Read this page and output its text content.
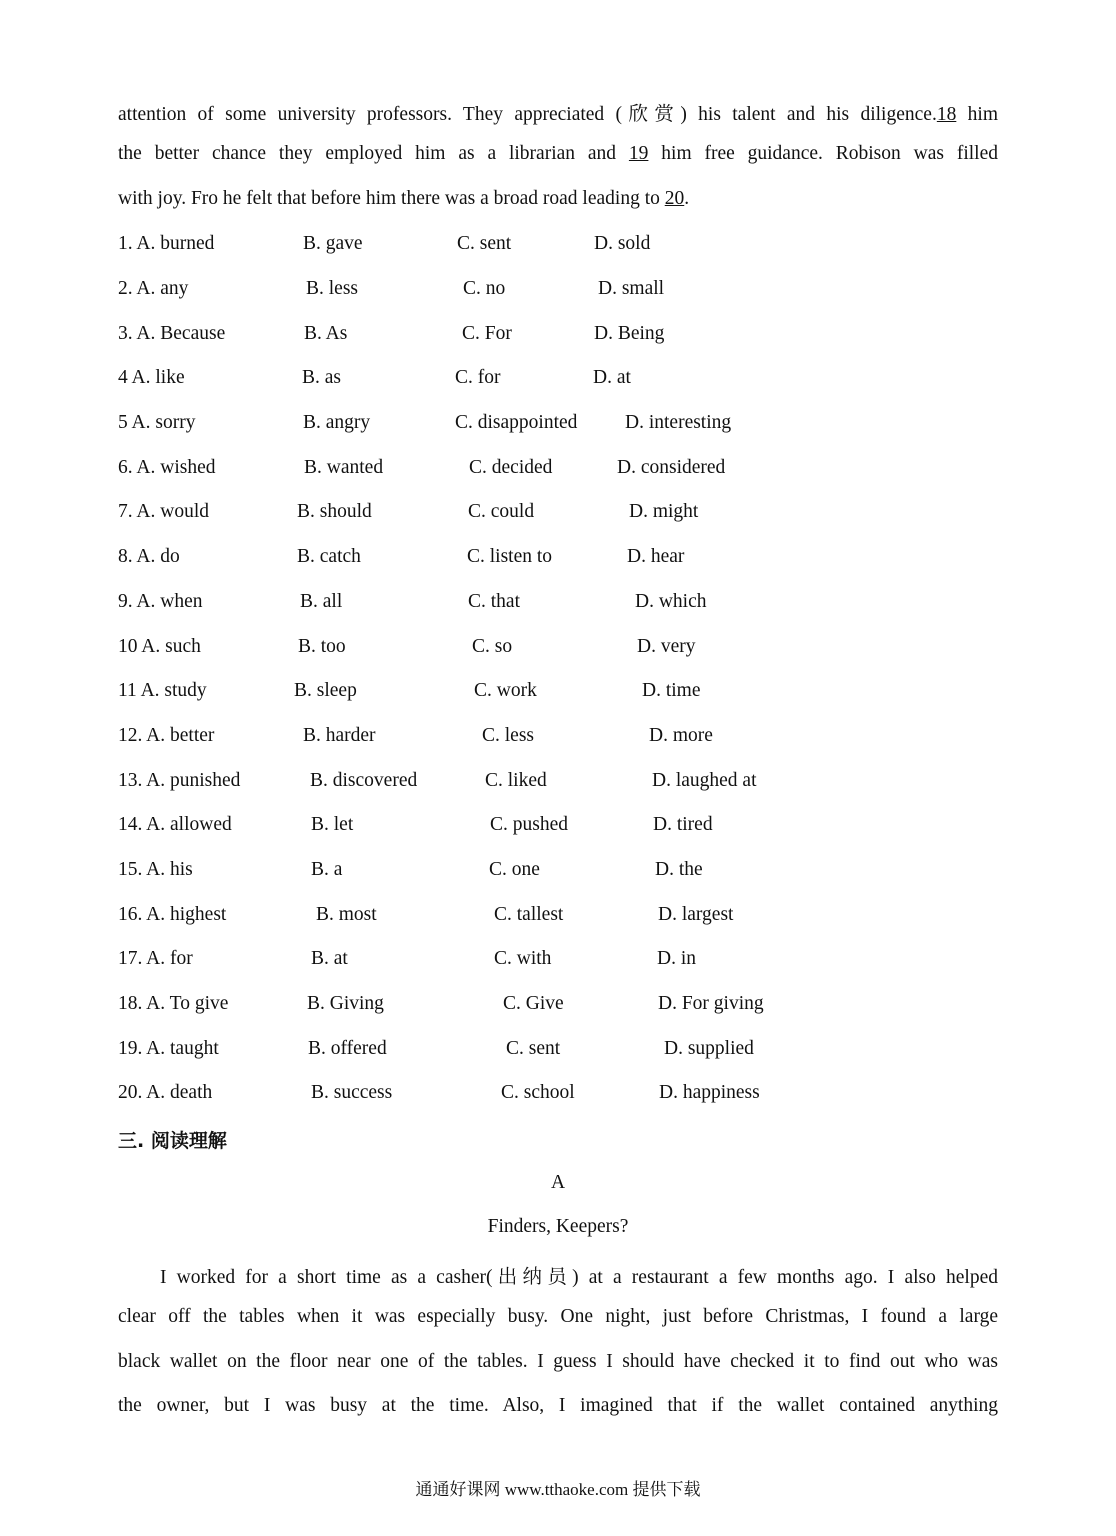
attention of some university professors. They appreciated (欣赏) his talent and his diligence.18 him
the better chance they employed him as a librarian and 19 him free guidance. Robison was filled
with joy. Fro he felt that before him there was a broad road leading to 20.
1. A. burned	B. gave	C. sent	D. sold
2. A. any	B. less	C. no	D. small
3. A. Because	B. As	C. For	D. Being
4 A. like	B. as	C. for	D. at
5 A. sorry	B. angry	C. disappointed D. interesting
6. A. wished	B. wanted	C. decided	D. considered
7. A. would	B. should	C. could	D. might
8. A. do	B. catch	C. listen to	D. hear
9. A. when	B. all	C. that	D. which
10 A. such	B. too	C. so	D. very
11 A. study	B. sleep	C. work	D. time
12. A. better	B. harder	C. less	D. more
13. A. punished	B. discovered	C. liked	D. laughed at
14. A. allowed	B. let	C. pushed	D. tired
15. A. his	B. a	C. one	D. the
16. A. highest	B. most	C. tallest	D. largest
17. A. for	B. at	C. with	D. in
18. A. To give	B. Giving	C. Give	D. For giving
19. A. taught	B. offered	C. sent	D. supplied
20. A. death	B. success	C. school	D. happiness
三. 阅读理解
A
Finders, Keepers?
I worked for a short time as a casher(出纳员) at a restaurant a few months ago. I also helped
clear off the tables when it was especially busy. One night, just before Christmas, I found a large
black wallet on the floor near one of the tables. I guess I should have checked it to find out who was
the owner, but I was busy at the time. Also, I imagined that if the wallet contained anything
通通好课网 www.tthaoke.com 提供下载
